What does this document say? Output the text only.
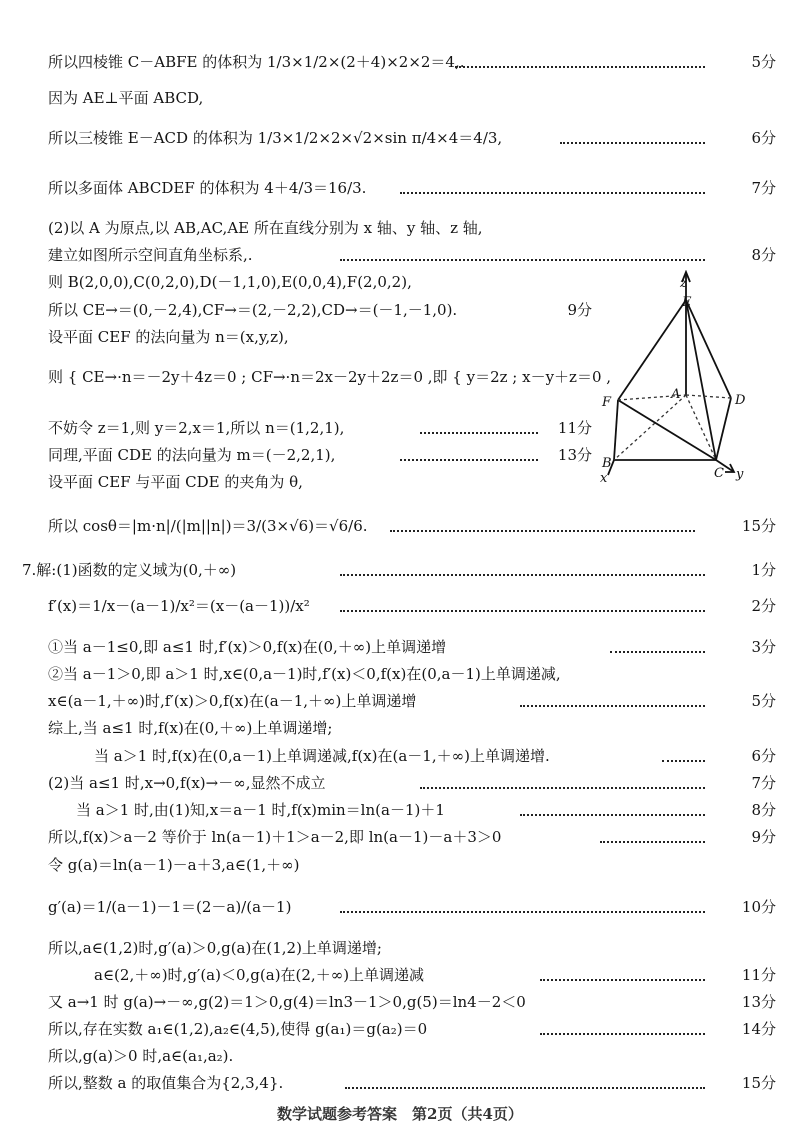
所以四棱锥 C－ABFE 的体积为 1/3×1/2×(2＋4)×2×2＝4,.	5分
因为 AE⊥平面 ABCD,
所以三棱锥 E－ACD 的体积为 1/3×1/2×2×√2×sin π/4×4＝4/3,	6分
所以多面体 ABCDEF 的体积为 4＋4/3＝16/3.	7分
(2)以 A 为原点,以 AB,AC,AE 所在直线分别为 x 轴、y 轴、z 轴,
建立如图所示空间直角坐标系,.	8分
则 B(2,0,0),C(0,2,0),D(－1,1,0),E(0,0,4),F(2,0,2),
所以 CE→＝(0,－2,4),CF→＝(2,－2,2),CD→＝(－1,－1,0).	9分
设平面 CEF 的法向量为 n＝(x,y,z),
则 { CE→·n＝－2y＋4z＝0 ; CF→·n＝2x－2y＋2z＝0 ,即 { y＝2z ; x－y＋z＝0 ,
不妨令 z＝1,则 y＝2,x＝1,所以 n＝(1,2,1),	11分
同理,平面 CDE 的法向量为 m＝(－2,2,1),	13分
设平面 CEF 与平面 CDE 的夹角为 θ,
所以 cosθ＝|m·n|/(|m||n|)＝3/(3×√6)＝√6/6.	15分
7.解:(1)函数的定义域为(0,＋∞)	1分
f′(x)＝1/x－(a－1)/x²＝(x－(a－1))/x²	2分
①当 a－1≤0,即 a≤1 时,f′(x)＞0,f(x)在(0,＋∞)上单调递增	3分
②当 a－1＞0,即 a＞1 时,x∈(0,a－1)时,f′(x)＜0,f(x)在(0,a－1)上单调递减,
x∈(a－1,＋∞)时,f′(x)＞0,f(x)在(a－1,＋∞)上单调递增	5分
综上,当 a≤1 时,f(x)在(0,＋∞)上单调递增;
当 a＞1 时,f(x)在(0,a－1)上单调递减,f(x)在(a－1,＋∞)上单调递增.	6分
(2)当 a≤1 时,x→0,f(x)→－∞,显然不成立	7分
当 a＞1 时,由(1)知,x＝a－1 时,f(x)min＝ln(a－1)＋1	8分
所以,f(x)＞a－2 等价于 ln(a－1)＋1＞a－2,即 ln(a－1)－a＋3＞0	9分
令 g(a)＝ln(a－1)－a＋3,a∈(1,＋∞)
g′(a)＝1/(a－1)－1＝(2－a)/(a－1)	10分
所以,a∈(1,2)时,g′(a)＞0,g(a)在(1,2)上单调递增;
a∈(2,＋∞)时,g′(a)＜0,g(a)在(2,＋∞)上单调递减	11分
又 a→1 时 g(a)→－∞,g(2)＝1＞0,g(4)＝ln3－1＞0,g(5)＝ln4－2＜0	13分
所以,存在实数 a₁∈(1,2),a₂∈(4,5),使得 g(a₁)＝g(a₂)＝0	14分
所以,g(a)＞0 时,a∈(a₁,a₂).
所以,整数 a 的取值集合为{2,3,4}.	15分
z
E
A	D
F
B
x	C y
数学试题参考答案　第2页（共4页）
